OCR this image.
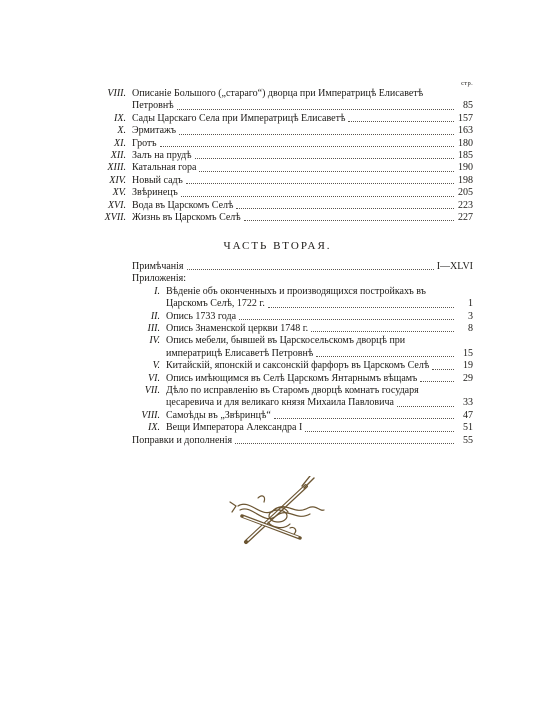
стр.
VIII. Описаніе Большого („стараго“) дворца при Императрицѣ Елисаветѣ
Петровнѣ	85
IX. Сады Царскаго Села при Императрицѣ Елисаветѣ	157
X. Эрмитажъ	163
XI. Гротъ	180
XII. Залъ на прудѣ	185
XIII. Катальная гора	190
XIV. Новый садъ	198
XV. Звѣринецъ	205
XVI. Вода въ Царскомъ Селѣ	223
XVII. Жизнь въ Царскомъ Селѣ	227
ЧАСТЬ ВТОРАЯ.
Примѣчанія	I—XLVI
Приложенія:
I. Вѣденіе объ оконченныхъ и производящихся постройкахъ въ
Царскомъ Селѣ, 1722 г.	1
II. Опись 1733 года	3
III. Опись Знаменской церкви 1748 г.	8
IV. Опись мебели, бывшей въ Царскосельскомъ дворцѣ при
императрицѣ Елисаветѣ Петровнѣ	15
V. Китайскій, японскій и саксонскій фарфоръ въ Царскомъ Селѣ	19
VI. Опись имѣющимся въ Селѣ Царскомъ Янтарнымъ вѣщамъ	29
VII. Дѣло по исправленію въ Старомъ дворцѣ комнатъ государя
цесаревича и для великаго князя Михаила Павловича	33
VIII. Самоѣды въ „Звѣринцѣ“	47
IX. Вещи Императора Александра I	51
Поправки и дополненія	55
